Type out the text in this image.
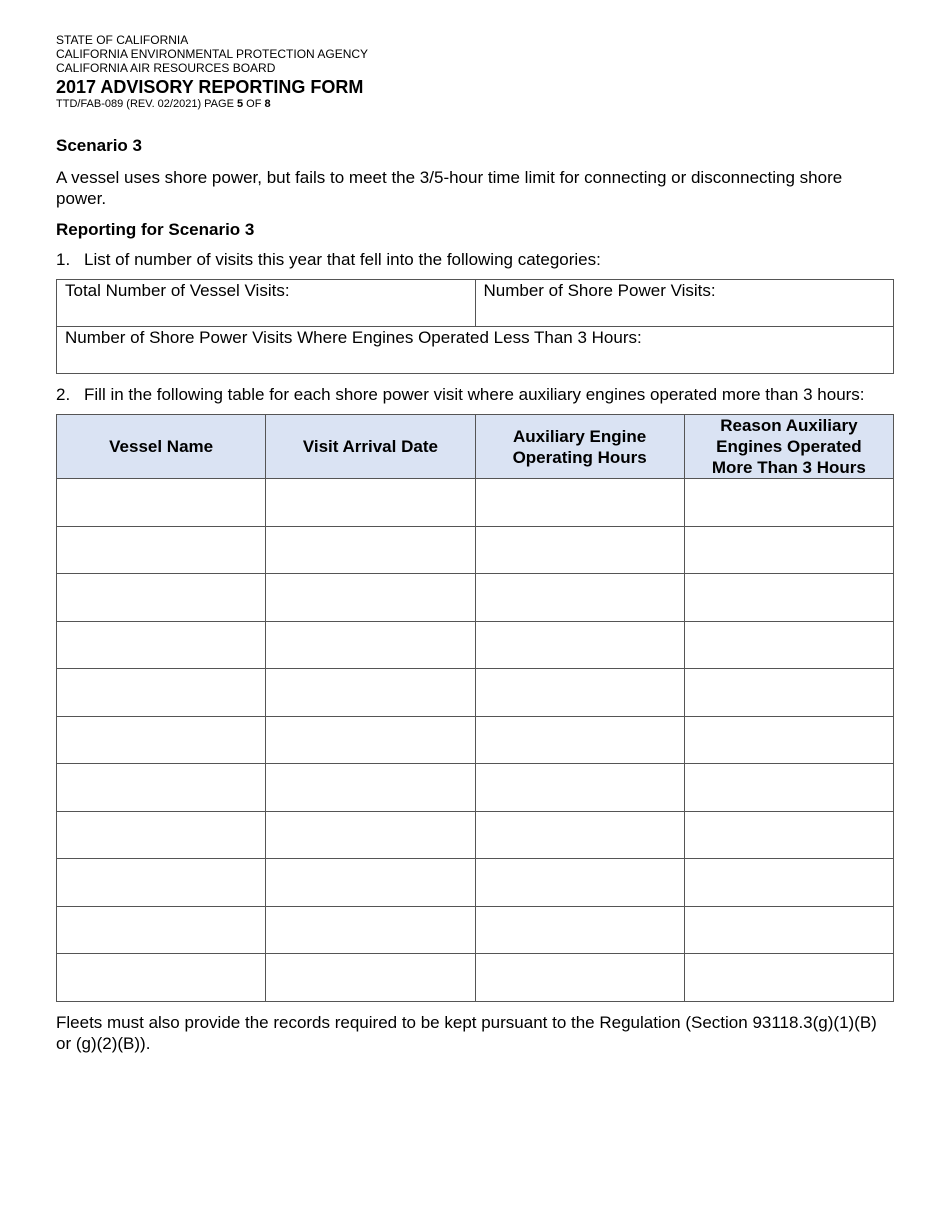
STATE OF CALIFORNIA
CALIFORNIA ENVIRONMENTAL PROTECTION AGENCY
CALIFORNIA AIR RESOURCES BOARD
2017 ADVISORY REPORTING FORM
TTD/FAB-089 (REV. 02/2021) PAGE 5 OF 8
Scenario 3
A vessel uses shore power, but fails to meet the 3/5-hour time limit for connecting or disconnecting shore power.
Reporting for Scenario 3
1. List of number of visits this year that fell into the following categories:
Total Number of Vessel Visits:	Number of Shore Power Visits:
Number of Shore Power Visits Where Engines Operated Less Than 3 Hours:
2. Fill in the following table for each shore power visit where auxiliary engines operated more than 3 hours:
Vessel Name	Visit Arrival Date	Auxiliary Engine Operating Hours	Reason Auxiliary Engines Operated More Than 3 Hours

Fleets must also provide the records required to be kept pursuant to the Regulation (Section 93118.3(g)(1)(B) or (g)(2)(B)).
